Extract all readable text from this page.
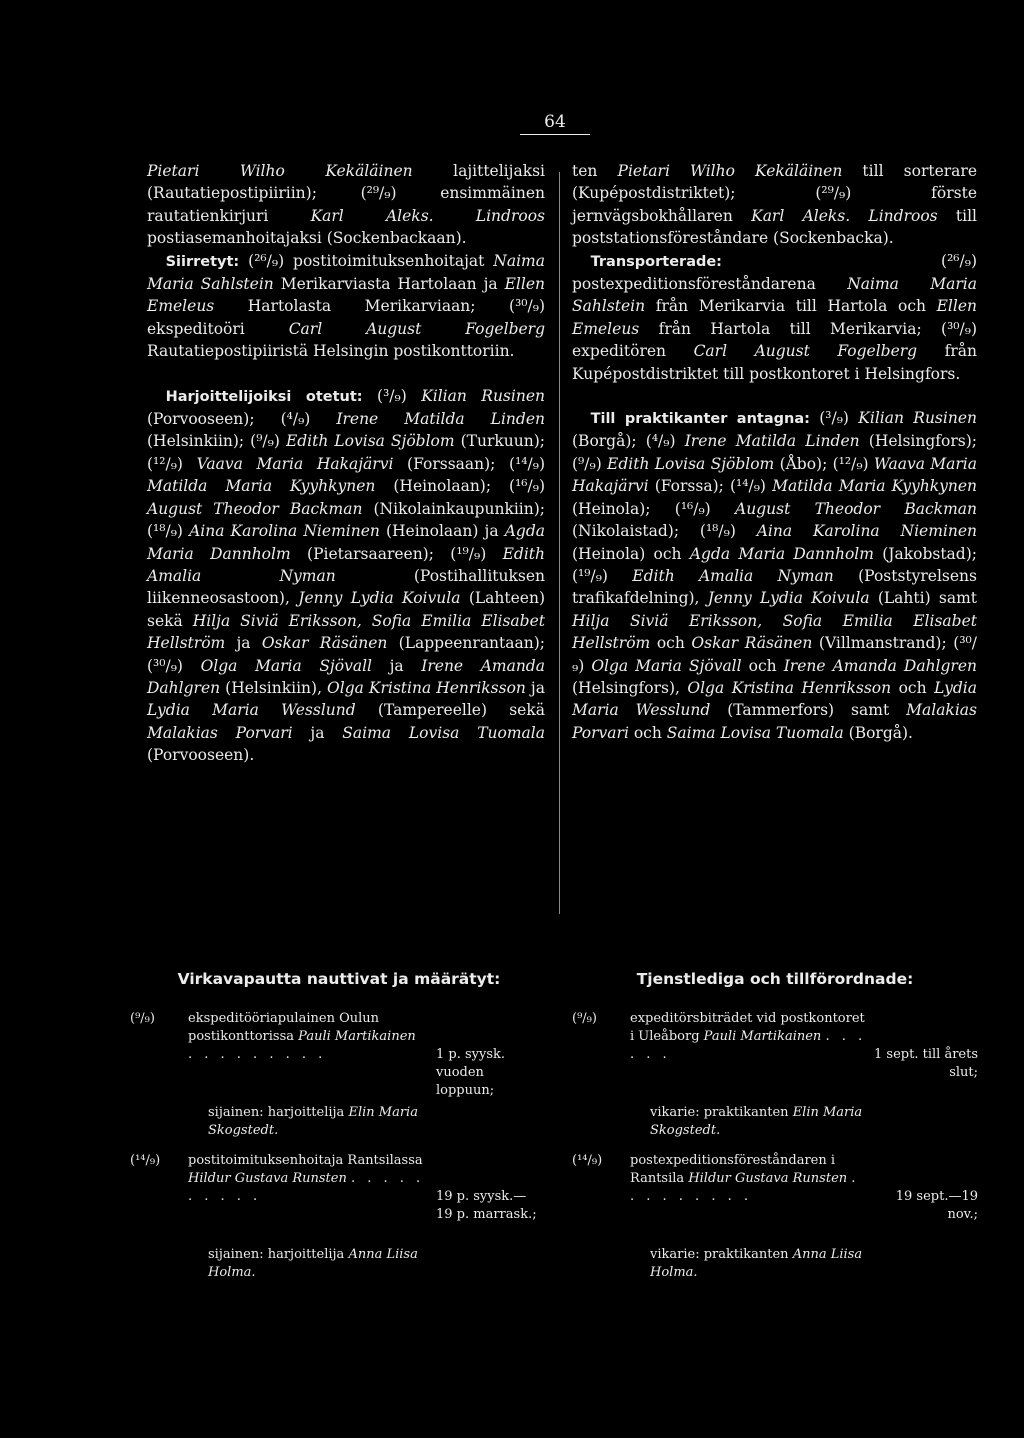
64

Pietari Wilho Kekäläinen lajittelijaksi (Rautatiepostipiiriin); (²⁹/₉) ensimmäinen rautatienkirjuri Karl Aleks. Lindroos postiasemanhoitajaksi (Sockenbackaan).

Siirretyt: (²⁶/₉) postitoimituksenhoitajat Naima Maria Sahlstein Merikarviasta Hartolaan ja Ellen Emeleus Hartolasta Merikarviaan; (³⁰/₉) ekspeditoöri Carl August Fogelberg Rautatiepostipiiristä Helsingin postikonttoriin.

Harjoittelijoiksi otetut: (³/₉) Kilian Rusinen (Porvooseen); (⁴/₉) Irene Matilda Linden (Helsinkiin); (⁹/₉) Edith Lovisa Sjöblom (Turkuun); (¹²/₉) Vaava Maria Hakajärvi (Forssaan); (¹⁴/₉) Matilda Maria Kyyhkynen (Heinolaan); (¹⁶/₉) August Theodor Backman (Nikolainkaupunkiin); (¹⁸/₉) Aina Karolina Nieminen (Heinolaan) ja Agda Maria Dannholm (Pietarsaareen); (¹⁹/₉) Edith Amalia Nyman (Postihallituksen liikenneosastoon), Jenny Lydia Koivula (Lahteen) sekä Hilja Siviä Eriksson, Sofia Emilia Elisabet Hellström ja Oskar Räsänen (Lappeenrantaan); (³⁰/₉) Olga Maria Sjövall ja Irene Amanda Dahlgren (Helsinkiin), Olga Kristina Henriksson ja Lydia Maria Wesslund (Tampereelle) sekä Malakias Porvari ja Saima Lovisa Tuomala (Porvooseen).

ten Pietari Wilho Kekäläinen till sorterare (Kupépostdistriktet); (²⁹/₉) förste jernvägsbokhållaren Karl Aleks. Lindroos till poststationsföreståndare (Sockenbacka).

Transporterade: (²⁶/₉) postexpeditionsföreståndarena Naima Maria Sahlstein från Merikarvia till Hartola och Ellen Emeleus från Hartola till Merikarvia; (³⁰/₉) expeditören Carl August Fogelberg från Kupépostdistriktet till postkontoret i Helsingfors.

Till praktikanter antagna: (³/₉) Kilian Rusinen (Borgå); (⁴/₉) Irene Matilda Linden (Helsingfors); (⁹/₉) Edith Lovisa Sjöblom (Åbo); (¹²/₉) Waava Maria Hakajärvi (Forssa); (¹⁴/₉) Matilda Maria Kyyhkynen (Heinola); (¹⁶/₉) August Theodor Backman (Nikolaistad); (¹⁸/₉) Aina Karolina Nieminen (Heinola) och Agda Maria Dannholm (Jakobstad); (¹⁹/₉) Edith Amalia Nyman (Poststyrelsens trafikafdelning), Jenny Lydia Koivula (Lahti) samt Hilja Siviä Eriksson, Sofia Emilia Elisabet Hellström och Oskar Räsänen (Villmanstrand); (³⁰/₉) Olga Maria Sjövall och Irene Amanda Dahlgren (Helsingfors), Olga Kristina Henriksson och Lydia Maria Wesslund (Tammerfors) samt Malakias Porvari och Saima Lovisa Tuomala (Borgå).

Virkavapautta nauttivat ja määrätyt:	Tjenstlediga och tillförordnade:
(⁹/₉)	ekspeditööriapulainen Oulun postikonttorissa Pauli Martikainen . . . . . . . . .	1 p. syysk. vuoden loppuun;
sijainen: harjoittelija Elin Maria Skogstedt.
(¹⁴/₉) postitoimituksenhoitaja Rantsilassa Hildur Gustava Runsten . . . . . . . . . .	19 p. syysk.— 19 p. marrask.;
sijainen: harjoittelija Anna Liisa Holma.
(⁹/₉)	expeditörsbiträdet vid postkontoret i Uleåborg Pauli Martikainen . . . . . .	1 sept. till årets slut;
vikarie: praktikanten Elin Maria Skogstedt.
(¹⁴/₉) postexpeditionsföreståndaren i Rantsila Hildur Gustava Runsten . . . . . . . . .	19 sept.—19 nov.;
vikarie: praktikanten Anna Liisa Holma.
